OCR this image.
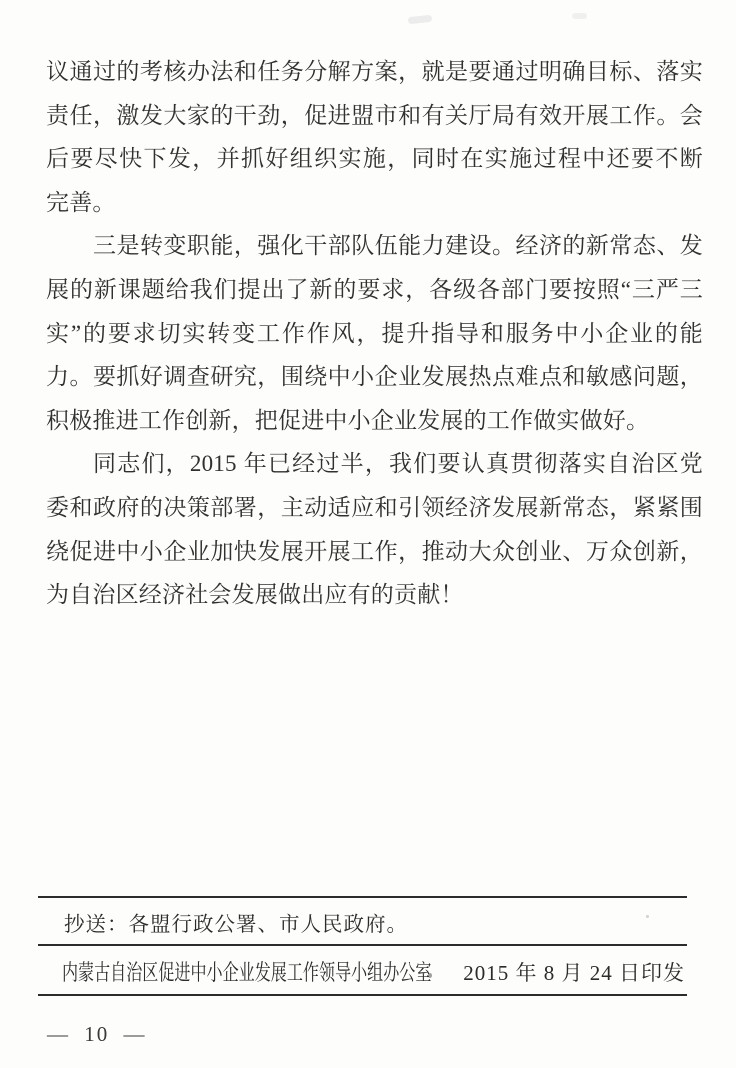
议通过的考核办法和任务分解方案，就是要通过明确目标、落实
责任，激发大家的干劲，促进盟市和有关厅局有效开展工作。会
后要尽快下发，并抓好组织实施，同时在实施过程中还要不断
完善。
三是转变职能，强化干部队伍能力建设。经济的新常态、发
展的新课题给我们提出了新的要求，各级各部门要按照“三严三
实”的要求切实转变工作作风，提升指导和服务中小企业的能
力。要抓好调查研究，围绕中小企业发展热点难点和敏感问题，
积极推进工作创新，把促进中小企业发展的工作做实做好。
同志们，2015 年已经过半，我们要认真贯彻落实自治区党
委和政府的决策部署，主动适应和引领经济发展新常态，紧紧围
绕促进中小企业加快发展开展工作，推动大众创业、万众创新，
为自治区经济社会发展做出应有的贡献！
抄送：各盟行政公署、市人民政府。
内蒙古自治区促进中小企业发展工作领导小组办公室 2015 年 8 月 24 日印发
— 10 —
